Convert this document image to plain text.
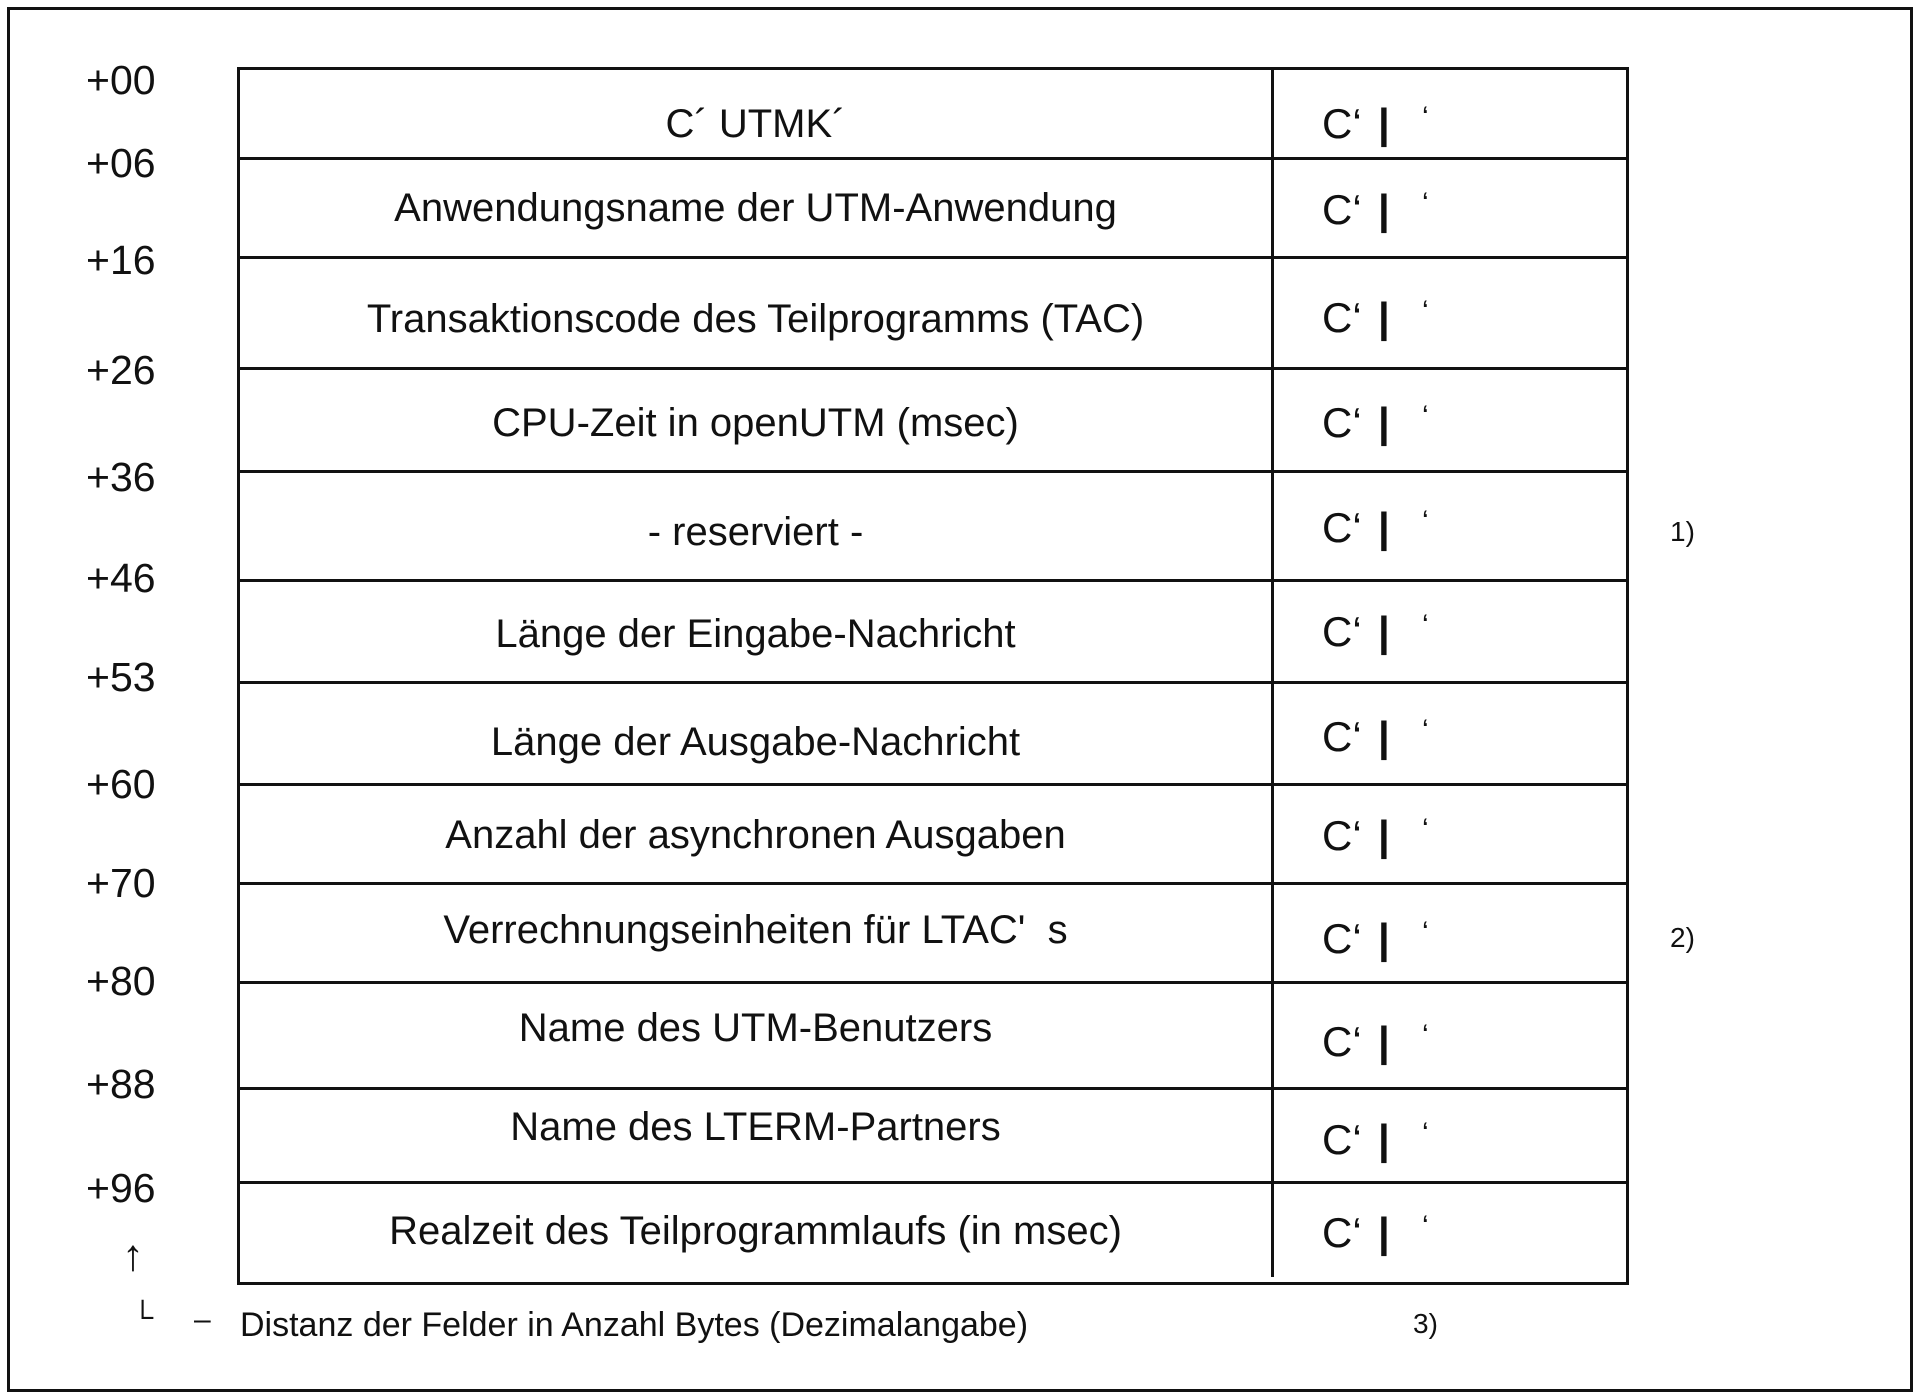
+00
+06
+16
+26
+36
+46
+53
+60
+70
+80
+88
+96
C´ UTMK´
Anwendungsname der UTM-Anwendung
Transaktionscode des Teilprogramms (TAC)
CPU-Zeit in openUTM (msec)
- reserviert -
Länge der Eingabe-Nachricht
Länge der Ausgabe-Nachricht
Anzahl der asynchronen Ausgaben
Verrechnungseinheiten für LTAC'  s
Name des UTM-Benutzers
Name des LTERM-Partners
Realzeit des Teilprogrammlaufs (in msec)
C‘ | ‘
C‘ | ‘
C‘ | ‘
C‘ | ‘
C‘ | ‘
C‘ | ‘
C‘ | ‘
C‘ | ‘
C‘ | ‘
C‘ | ‘
C‘ | ‘
C‘ | ‘
1)
2)
↑
└ – Distanz der Felder in Anzahl Bytes (Dezimalangabe)	3)
